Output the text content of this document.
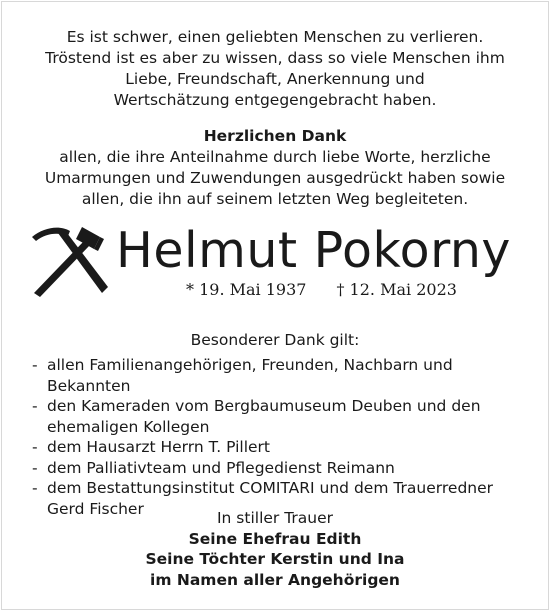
Es ist schwer, einen geliebten Menschen zu verlieren.
Tröstend ist es aber zu wissen, dass so viele Menschen ihm
Liebe, Freundschaft, Anerkennung und
Wertschätzung entgegengebracht haben.
Herzlichen Dank
allen, die ihre Anteilnahme durch liebe Worte, herzliche
Umarmungen und Zuwendungen ausgedrückt haben sowie
allen, die ihn auf seinem letzten Weg begleiteten.
Helmut Pokorny
* 19. Mai 1937 † 12. Mai 2023
Besonderer Dank gilt:
- allen Familienangehörigen, Freunden, Nachbarn und
Bekannten
- den Kameraden vom Bergbaumuseum Deuben und den
ehemaligen Kollegen
- dem Hausarzt Herrn T. Pillert
- dem Palliativteam und Pflegedienst Reimann
- dem Bestattungsinstitut COMITARI und dem Trauerredner
Gerd Fischer
In stiller Trauer
Seine Ehefrau Edith
Seine Töchter Kerstin und Ina
im Namen aller Angehörigen
